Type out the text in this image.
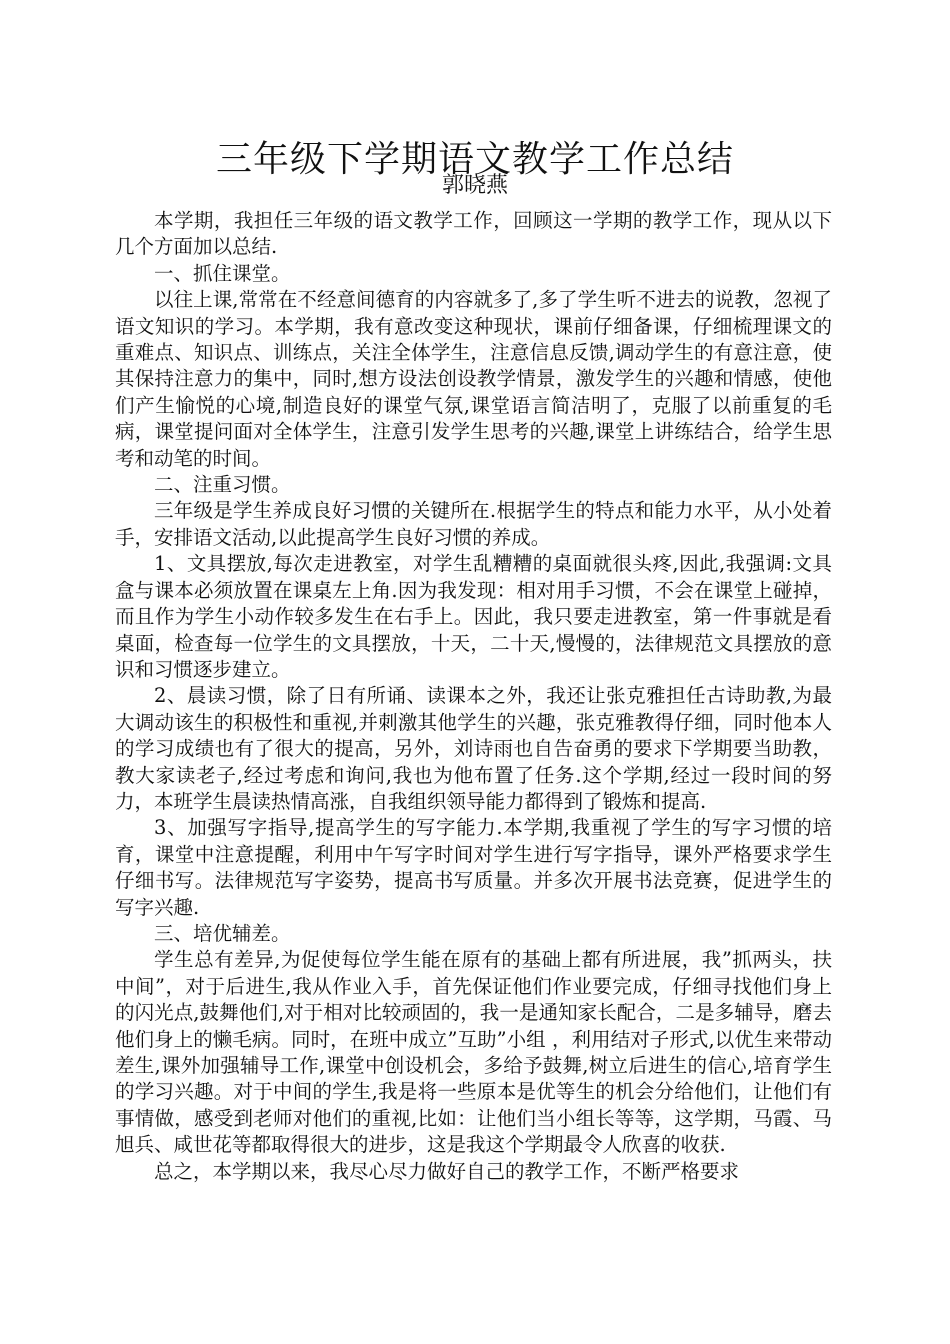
三年级下学期语文教学工作总结
郭晓燕

本学期，我担任三年级的语文教学工作，回顾这一学期的教学工作，现从以下几个方面加以总结.

一、抓住课堂。

以往上课,常常在不经意间德育的内容就多了,多了学生听不进去的说教，忽视了语文知识的学习。本学期，我有意改变这种现状，课前仔细备课，仔细梳理课文的重难点、知识点、训练点，关注全体学生，注意信息反馈,调动学生的有意注意，使其保持注意力的集中，同时,想方设法创设教学情景，激发学生的兴趣和情感，使他们产生愉悦的心境,制造良好的课堂气氛,课堂语言简洁明了，克服了以前重复的毛病，课堂提问面对全体学生，注意引发学生思考的兴趣,课堂上讲练结合，给学生思考和动笔的时间。

二、注重习惯。

三年级是学生养成良好习惯的关键所在.根据学生的特点和能力水平，从小处着手，安排语文活动,以此提高学生良好习惯的养成。

1、文具摆放,每次走进教室，对学生乱糟糟的桌面就很头疼,因此,我强调:文具盒与课本必须放置在课桌左上角.因为我发现：相对用手习惯，不会在课堂上碰掉，而且作为学生小动作较多发生在右手上。因此，我只要走进教室，第一件事就是看桌面，检查每一位学生的文具摆放，十天，二十天,慢慢的，法律规范文具摆放的意识和习惯逐步建立。

2、晨读习惯，除了日有所诵、读课本之外，我还让张克雅担任古诗助教,为最大调动该生的积极性和重视,并刺激其他学生的兴趣，张克雅教得仔细，同时他本人的学习成绩也有了很大的提高，另外，刘诗雨也自告奋勇的要求下学期要当助教，教大家读老子,经过考虑和询问,我也为他布置了任务.这个学期,经过一段时间的努力，本班学生晨读热情高涨，自我组织领导能力都得到了锻炼和提高.

3、加强写字指导,提高学生的写字能力.本学期,我重视了学生的写字习惯的培育，课堂中注意提醒，利用中午写字时间对学生进行写字指导，课外严格要求学生仔细书写。法律规范写字姿势，提高书写质量。并多次开展书法竞赛，促进学生的写字兴趣.

三、培优辅差。

学生总有差异,为促使每位学生能在原有的基础上都有所进展，我”抓两头，扶中间”，对于后进生,我从作业入手，首先保证他们作业要完成，仔细寻找他们身上的闪光点,鼓舞他们,对于相对比较顽固的，我一是通知家长配合，二是多辅导，磨去他们身上的懒毛病。同时，在班中成立”互助”小组 ，利用结对子形式,以优生来带动差生,课外加强辅导工作,课堂中创设机会，多给予鼓舞,树立后进生的信心,培育学生的学习兴趣。对于中间的学生,我是将一些原本是优等生的机会分给他们，让他们有事情做，感受到老师对他们的重视,比如：让他们当小组长等等，这学期，马霞、马旭兵、咸世花等都取得很大的进步，这是我这个学期最令人欣喜的收获.

总之，本学期以来，我尽心尽力做好自己的教学工作，不断严格要求
